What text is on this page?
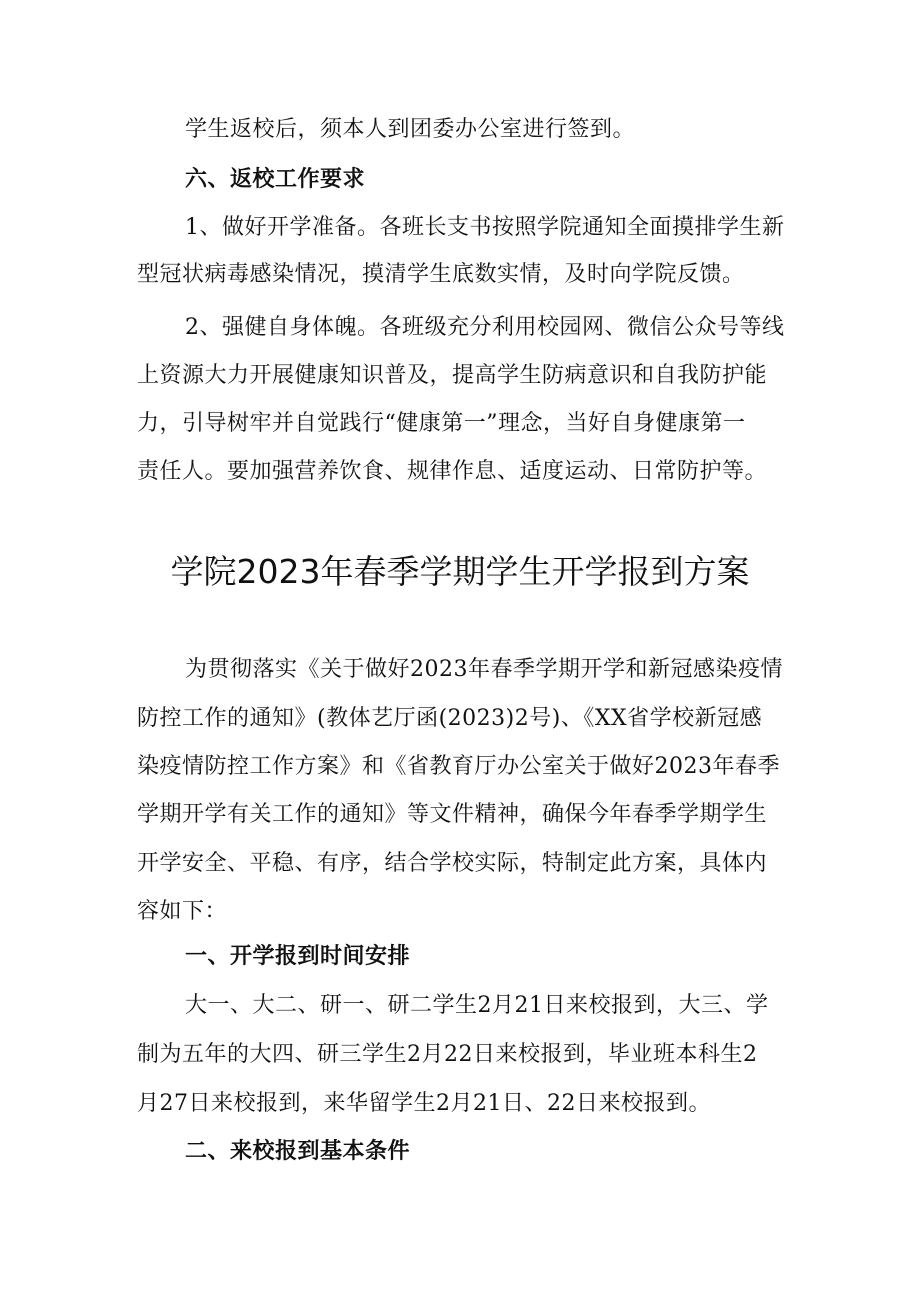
学生返校后，须本人到团委办公室进行签到。
六、返校工作要求
1、做好开学准备。各班长支书按照学院通知全面摸排学生新
型冠状病毒感染情况，摸清学生底数实情，及时向学院反馈。
2、强健自身体魄。各班级充分利用校园网、微信公众号等线
上资源大力开展健康知识普及，提高学生防病意识和自我防护能
力，引导树牢并自觉践行“健康第一”理念，当好自身健康第一
责任人。要加强营养饮食、规律作息、适度运动、日常防护等。
学院2023年春季学期学生开学报到方案
为贯彻落实《关于做好2023年春季学期开学和新冠感染疫情
防控工作的通知》(教体艺厅函(2023)2号)、《XX省学校新冠感
染疫情防控工作方案》和《省教育厅办公室关于做好2023年春季
学期开学有关工作的通知》等文件精神，确保今年春季学期学生
开学安全、平稳、有序，结合学校实际，特制定此方案，具体内
容如下：
一、开学报到时间安排
大一、大二、研一、研二学生2月21日来校报到，大三、学
制为五年的大四、研三学生2月22日来校报到，毕业班本科生2
月27日来校报到，来华留学生2月21日、22日来校报到。
二、来校报到基本条件
